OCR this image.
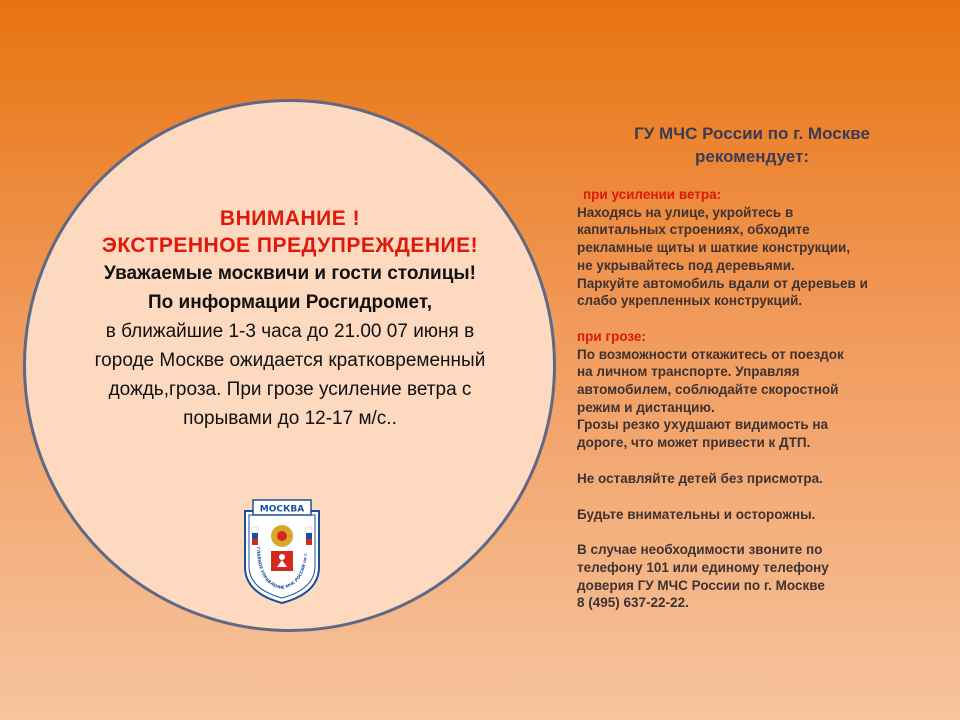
ВНИМАНИЕ !
ЭКСТРЕННОЕ ПРЕДУПРЕЖДЕНИЕ!
Уважаемые москвичи и гости столицы!
По информации Росгидромет,
в ближайшие 1-3 часа до 21.00 07 июня в
городе Москве ожидается кратковременный
дождь,гроза. При грозе усиление ветра с
порывами до 12-17 м/с..
МОСКВА
ГЛАВНОЕ УПРАВЛЕНИЕ МЧС РОССИИ по г.
ГУ МЧС России по г. Москве
рекомендует:

при усилении ветра:

Находясь на улице, укройтесь в

капитальных строениях, обходите

рекламные щиты и шаткие конструкции,

не укрывайтесь под деревьями.

Паркуйте автомобиль вдали от деревьев и

слабо укрепленных конструкций.

при грозе:

По возможности откажитесь от поездок

на личном транспорте. Управляя

автомобилем, соблюдайте скоростной

режим и дистанцию.

Грозы резко ухудшают видимость на

дороге, что может привести к ДТП.

Не оставляйте детей без присмотра.

Будьте внимательны и осторожны.

В случае необходимости звоните по

телефону 101 или единому телефону

доверия ГУ МЧС России по г. Москве

8 (495) 637-22-22.
